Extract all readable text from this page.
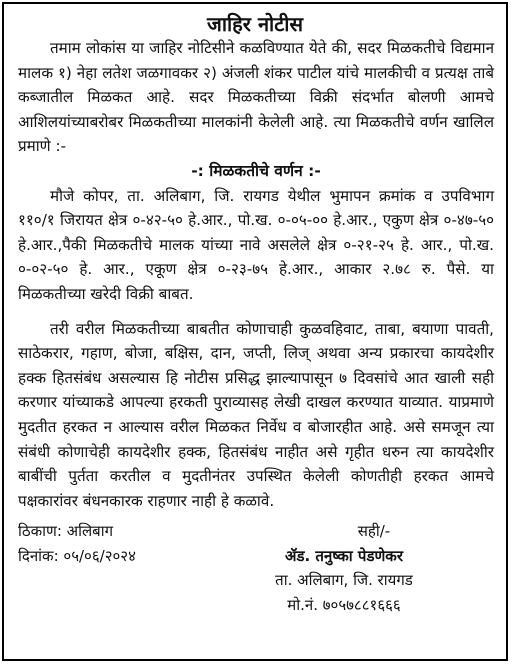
जाहिर नोटीस

तमाम लोकांस या जाहिर नोटिसीने कळविण्यात येते की, सदर मिळकतीचे विद्यमान मालक १) नेहा लतेश जळगावकर २) अंजली शंकर पाटील यांचे मालकीची व प्रत्यक्ष ताबे कब्जातील मिळकत आहे. सदर मिळकतीच्या विक्री संदर्भात बोलणी आमचे आशिलयांच्याबरोबर मिळकतीच्या मालकांनी केलेली आहे. त्या मिळकतीचे वर्णन खालिल प्रमाणे :-

-: मिळकतीचे वर्णन :-

मौजे कोपर, ता. अलिबाग, जि. रायगड येथील भुमापन क्रमांक व उपविभाग ११०/१ जिरायत क्षेत्र ०-४२-५० हे.आर., पो.ख. ०-०५-०० हे.आर., एकुण क्षेत्र ०-४७-५० हे.आर.,पैकी मिळकतीचे मालक यांच्या नावे असलेले क्षेत्र ०-२१-२५ हे. आर., पो.ख. ०-०२-५० हे. आर., एकूण क्षेत्र ०-२३-७५ हे.आर., आकार २.७८ रु. पैसे. या मिळकतीच्या खरेदी विक्री बाबत.

तरी वरील मिळकतीच्या बाबतीत कोणाचाही कुळवहिवाट, ताबा, बयाणा पावती, साठेकरार, गहाण, बोजा, बक्षिस, दान, जप्ती, लिज् अथवा अन्य प्रकारचा कायदेशीर हक्क हितसंबंध असल्यास हि नोटीस प्रसिद्ध झाल्यापासून ७ दिवसांचे आत खाली सही करणार यांच्याकडे आपल्या हरकती पुराव्यासह लेखी दाखल करण्यात याव्यात. याप्रमाणे मुदतीत हरकत न आल्यास वरील मिळकत निर्वेध व बोजारहीत आहे. असे समजून त्या संबंधी कोणाचेही कायदेशीर हक्क, हितसंबंध नाहीत असे गृहीत धरुन त्या कायदेशीर बाबींची पुर्तता करतील व मुदतीनंतर उपस्थित केलेली कोणतीही हरकत आमचे पक्षकारांवर बंधनकारक राहणार नाही हे कळावे.

ठिकाण: अलिबाग
दिनांक: ०५/०६/२०२४
सही/-
ॲड. तनुष्का पेडणेकर
ता. अलिबाग, जि. रायगड
मो.नं. ७०५७८८१६६६
